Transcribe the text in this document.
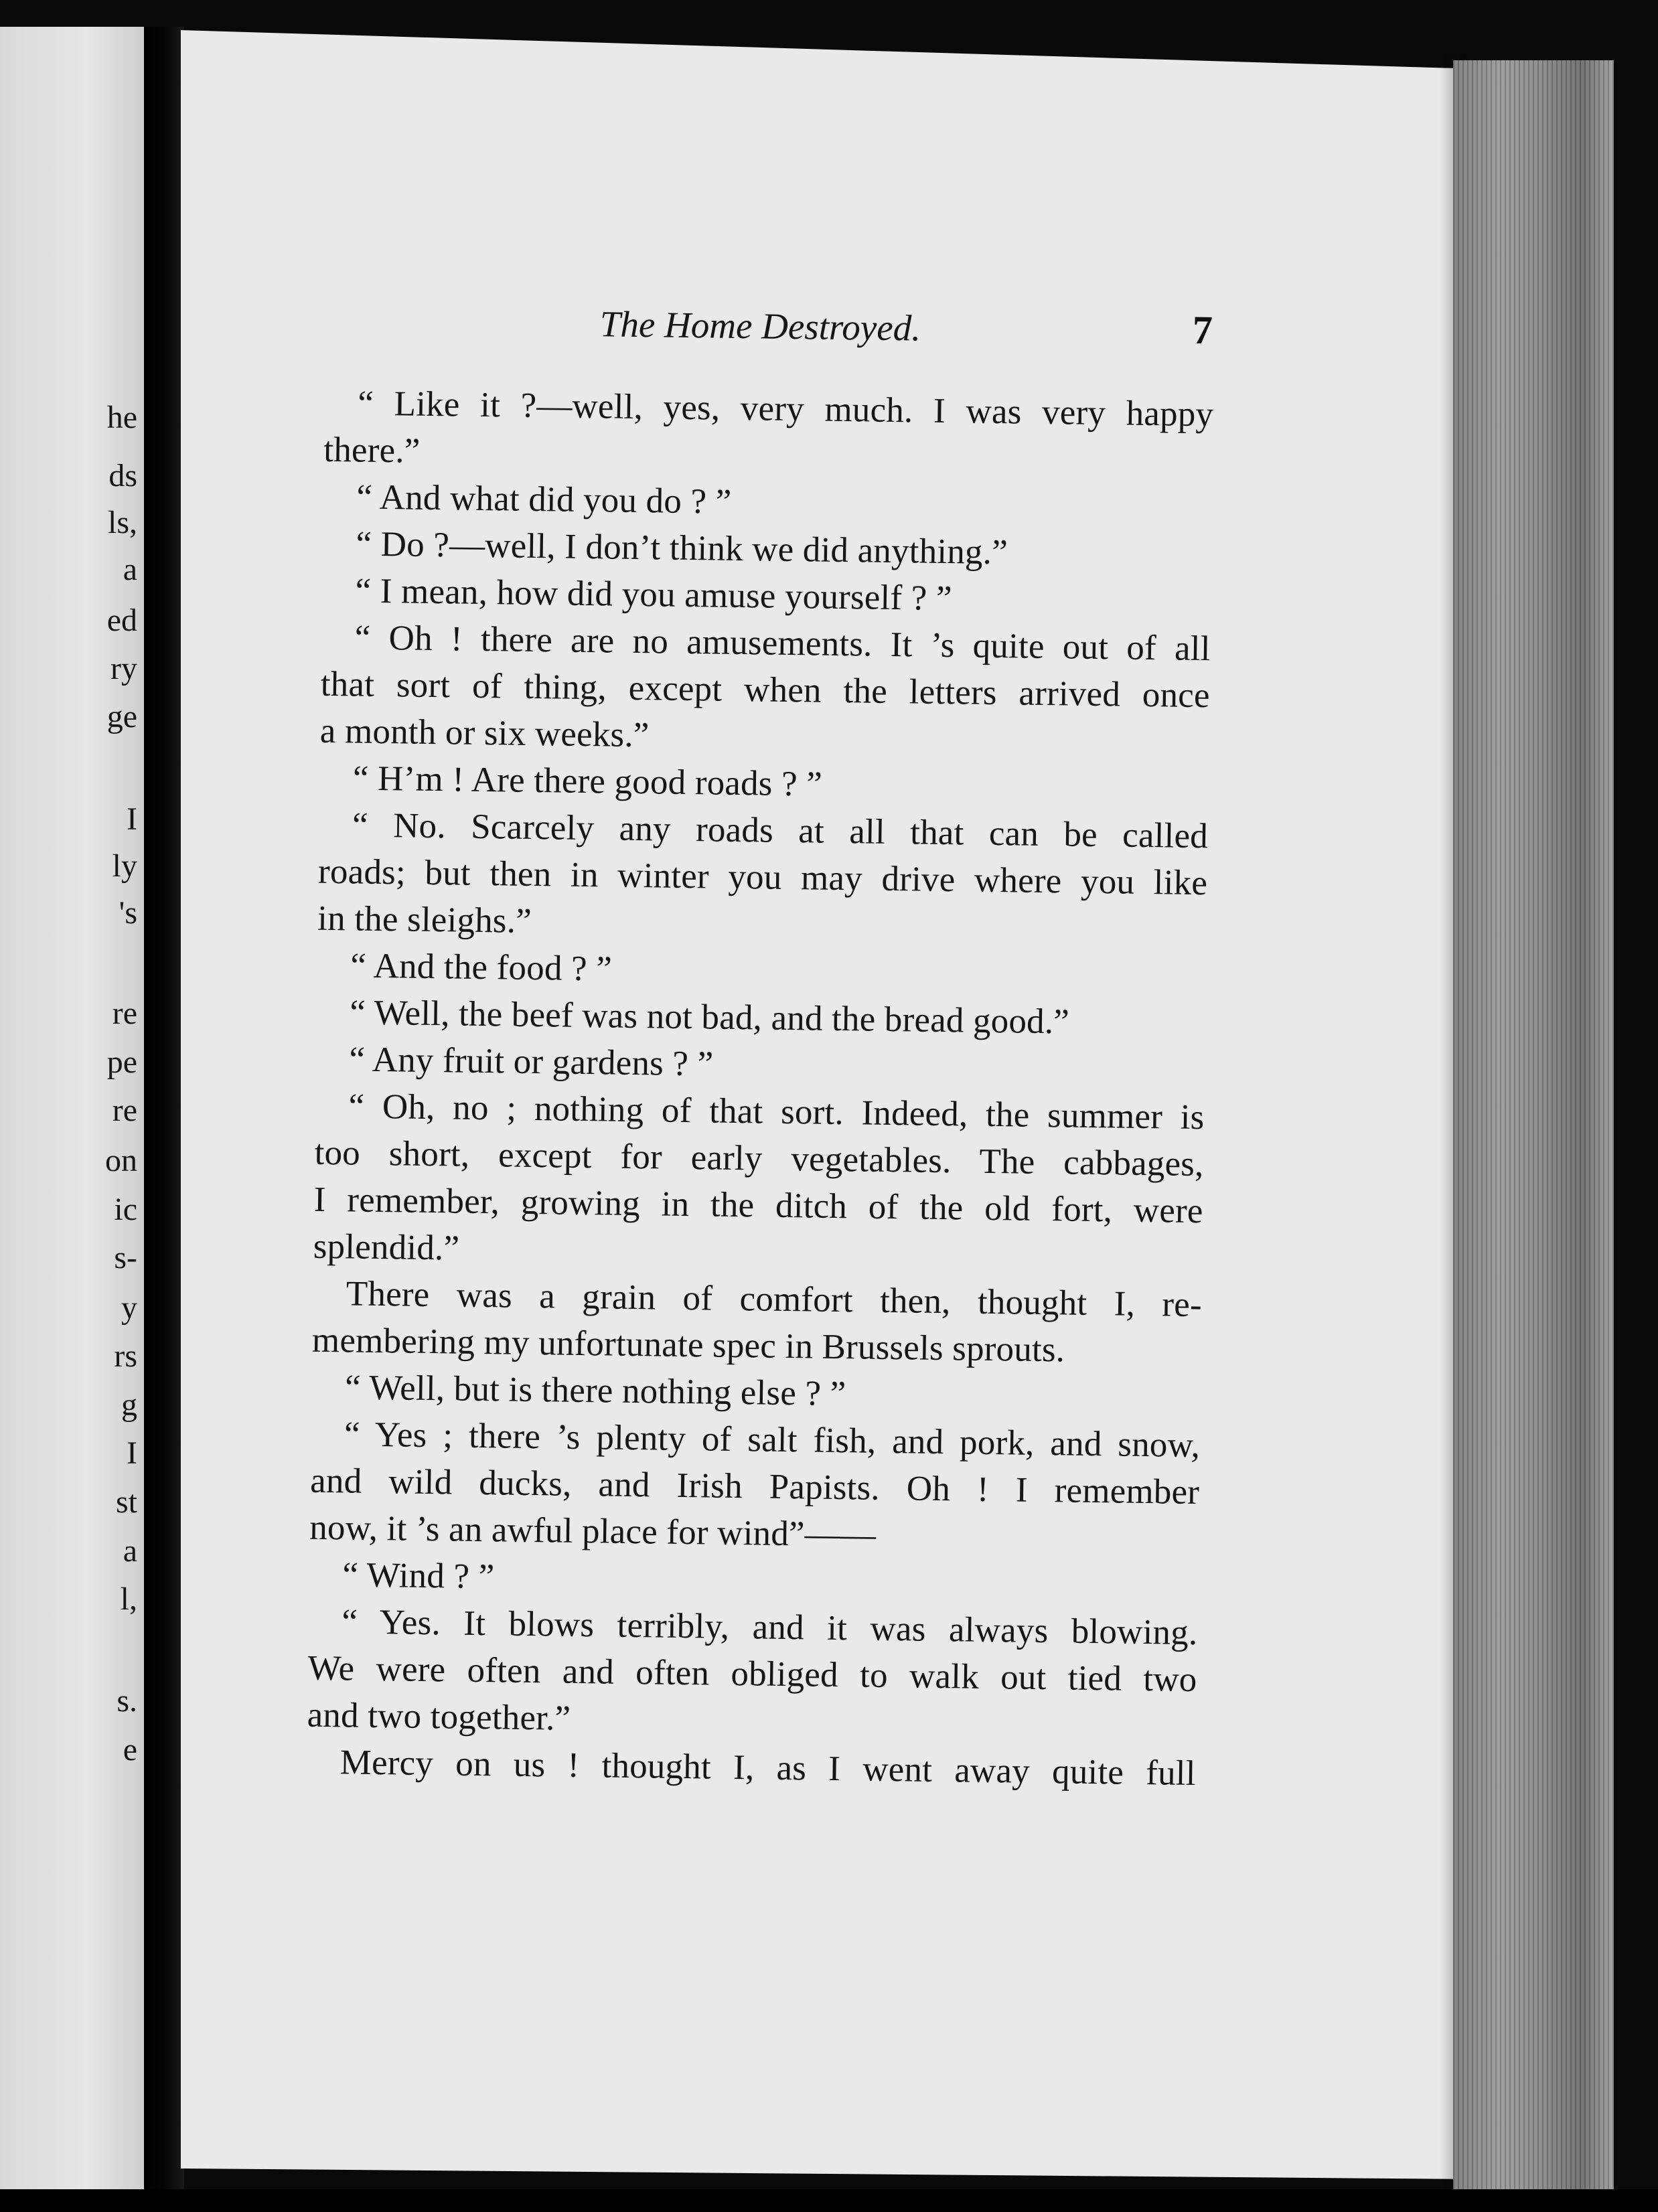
he
ds
ls,
a
ed
ry
ge
I
ly
's
re
pe
re
on
ic
s-
y
rs
g
I
st
a
l,
s.
e
The Home Destroyed.	7
“ Like it ?—well, yes, very much. I was very happy
there.”
“ And what did you do ? ”
“ Do ?—well, I don’t think we did anything.”
“ I mean, how did you amuse yourself ? ”
“ Oh ! there are no amusements. It ’s quite out of all
that sort of thing, except when the letters arrived once
a month or six weeks.”
“ H’m ! Are there good roads ? ”
“ No. Scarcely any roads at all that can be called
roads; but then in winter you may drive where you like
in the sleighs.”
“ And the food ? ”
“ Well, the beef was not bad, and the bread good.”
“ Any fruit or gardens ? ”
“ Oh, no ; nothing of that sort. Indeed, the summer is
too short, except for early vegetables. The cabbages,
I remember, growing in the ditch of the old fort, were
splendid.”
There was a grain of comfort then, thought I, re-
membering my unfortunate spec in Brussels sprouts.
“ Well, but is there nothing else ? ”
“ Yes ; there ’s plenty of salt fish, and pork, and snow,
and wild ducks, and Irish Papists. Oh ! I remember
now, it ’s an awful place for wind”——
“ Wind ? ”
“ Yes. It blows terribly, and it was always blowing.
We were often and often obliged to walk out tied two
and two together.”
Mercy on us ! thought I, as I went away quite full
